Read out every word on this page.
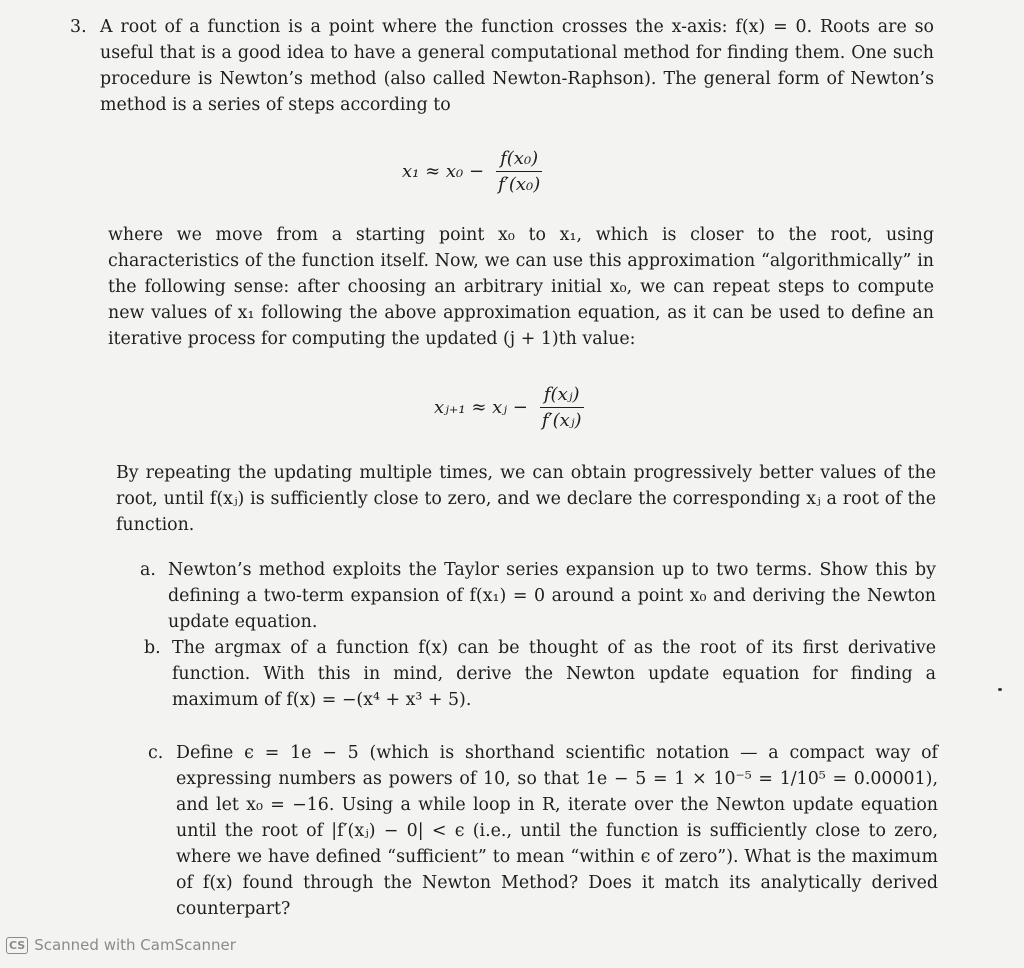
3. A root of a function is a point where the function crosses the x-axis: f(x) = 0. Roots are so useful that is a good idea to have a general computational method for finding them. One such procedure is Newton’s method (also called Newton-Raphson). The general form of Newton’s method is a series of steps according to

$x_1 \approx x_0 - \frac{\text{f(x₀)}}{\text{f′(x₀)}}$

where we move from a starting point x₀ to x₁, which is closer to the root, using characteristics of the function itself. Now, we can use this approximation “algorithmically” in the following sense: after choosing an arbitrary initial x₀, we can repeat steps to compute new values of x₁ following the above approximation equation, as it can be used to define an iterative process for computing the updated (j + 1)th value:

xⱼ₊₁ ≈ xⱼ − $\frac{\text{f(xⱼ)}}{\text{f′(xⱼ)}}$

By repeating the updating multiple times, we can obtain progressively better values of the root, until f(xⱼ) is sufficiently close to zero, and we declare the corresponding xⱼ a root of the function.

a. Newton’s method exploits the Taylor series expansion up to two terms. Show this by defining a two-term expansion of f(x₁) = 0 around a point x₀ and deriving the Newton update equation.
b. The argmax of a function f(x) can be thought of as the root of its first derivative function. With this in mind, derive the Newton update equation for finding a maximum of f(x) = −(x⁴ + x³ + 5).
c. Define ϵ = 1e − 5 (which is shorthand scientific notation — a compact way of expressing numbers as powers of 10, so that 1e − 5 = 1 × 10⁻⁵ = 1/10⁵ = 0.00001), and let x₀ = −16. Using a while loop in R, iterate over the Newton update equation until the root of |f′(xⱼ) − 0| < ϵ (i.e., until the function is sufficiently close to zero, where we have defined “sufficient” to mean “within ϵ of zero”). What is the maximum of f(x) found through the Newton Method? Does it match its analytically derived counterpart?
CS Scanned with CamScanner
